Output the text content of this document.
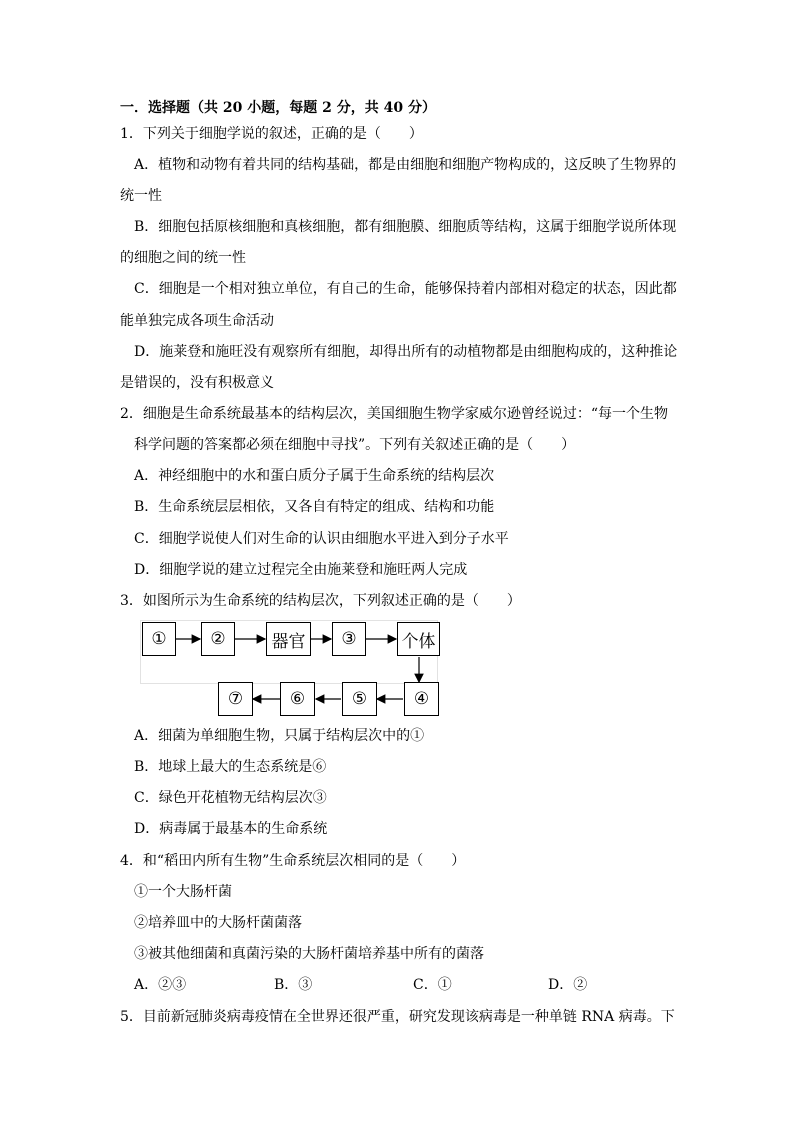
一．选择题（共 20 小题，每题 2 分，共 40 分）
1．下列关于细胞学说的叙述，正确的是（　　）
A．植物和动物有着共同的结构基础，都是由细胞和细胞产物构成的，这反映了生物界的
统一性
B．细胞包括原核细胞和真核细胞，都有细胞膜、细胞质等结构，这属于细胞学说所体现
的细胞之间的统一性
C．细胞是一个相对独立单位，有自己的生命，能够保持着内部相对稳定的状态，因此都
能单独完成各项生命活动
D．施莱登和施旺没有观察所有细胞，却得出所有的动植物都是由细胞构成的，这种推论
是错误的，没有积极意义
2．细胞是生命系统最基本的结构层次，美国细胞生物学家威尔逊曾经说过：“每一个生物
科学问题的答案都必须在细胞中寻找”。下列有关叙述正确的是（　　）
A．神经细胞中的水和蛋白质分子属于生命系统的结构层次
B．生命系统层层相依，又各自有特定的组成、结构和功能
C．细胞学说使人们对生命的认识由细胞水平进入到分子水平
D．细胞学说的建立过程完全由施莱登和施旺两人完成
3．如图所示为生命系统的结构层次，下列叙述正确的是（　　）
①	②	器官	③	个体
⑦	⑥	⑤	④
A．细菌为单细胞生物，只属于结构层次中的①
B．地球上最大的生态系统是⑥
C．绿色开花植物无结构层次③
D．病毒属于最基本的生命系统
4．和“稻田内所有生物”生命系统层次相同的是（　　）
①一个大肠杆菌
②培养皿中的大肠杆菌菌落
③被其他细菌和真菌污染的大肠杆菌培养基中所有的菌落
A．②③	B．③	C．①	D．②
5．目前新冠肺炎病毒疫情在全世界还很严重，研究发现该病毒是一种单链 RNA 病毒。下
